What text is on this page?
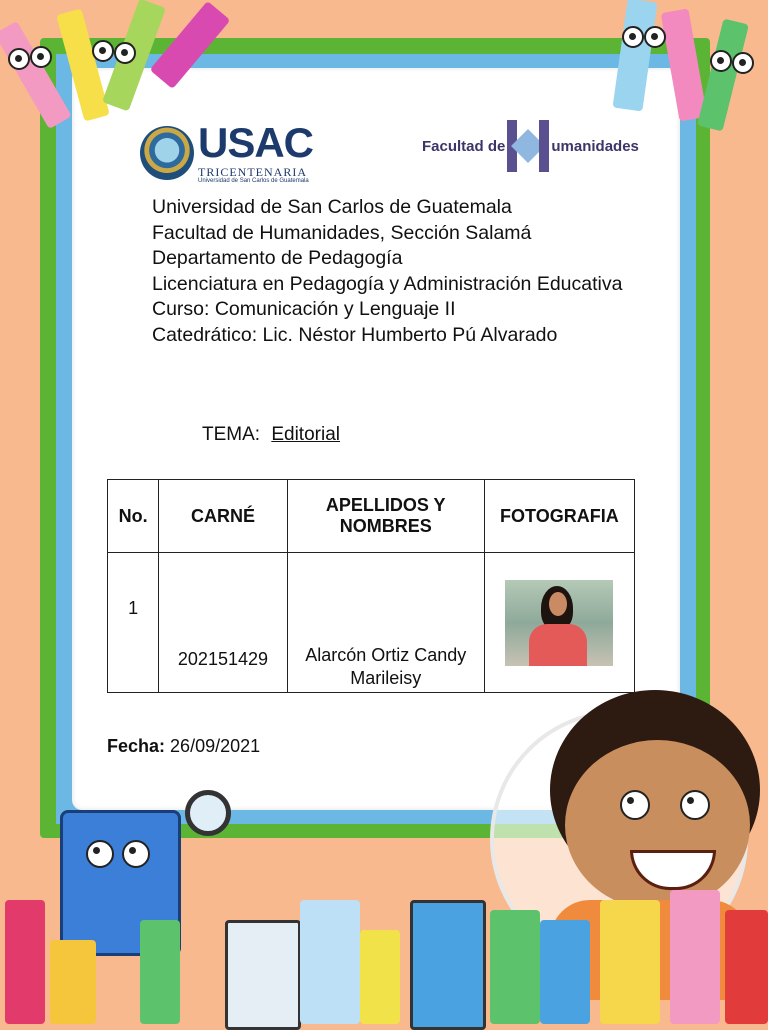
USAC
TRICENTENARIA
Universidad de San Carlos de Guatemala
Facultad de	umanidades
Universidad de San Carlos de Guatemala
Facultad de Humanidades, Sección Salamá
Departamento de Pedagogía
Licenciatura en Pedagogía y Administración Educativa
Curso: Comunicación y Lenguaje II
Catedrático: Lic. Néstor Humberto Pú Alvarado
TEMA: Editorial
No.	CARNÉ	APELLIDOS Y NOMBRES	FOTOGRAFIA
1	202151429	Alarcón Ortiz Candy Marileisy	
Fecha: 26/09/2021
